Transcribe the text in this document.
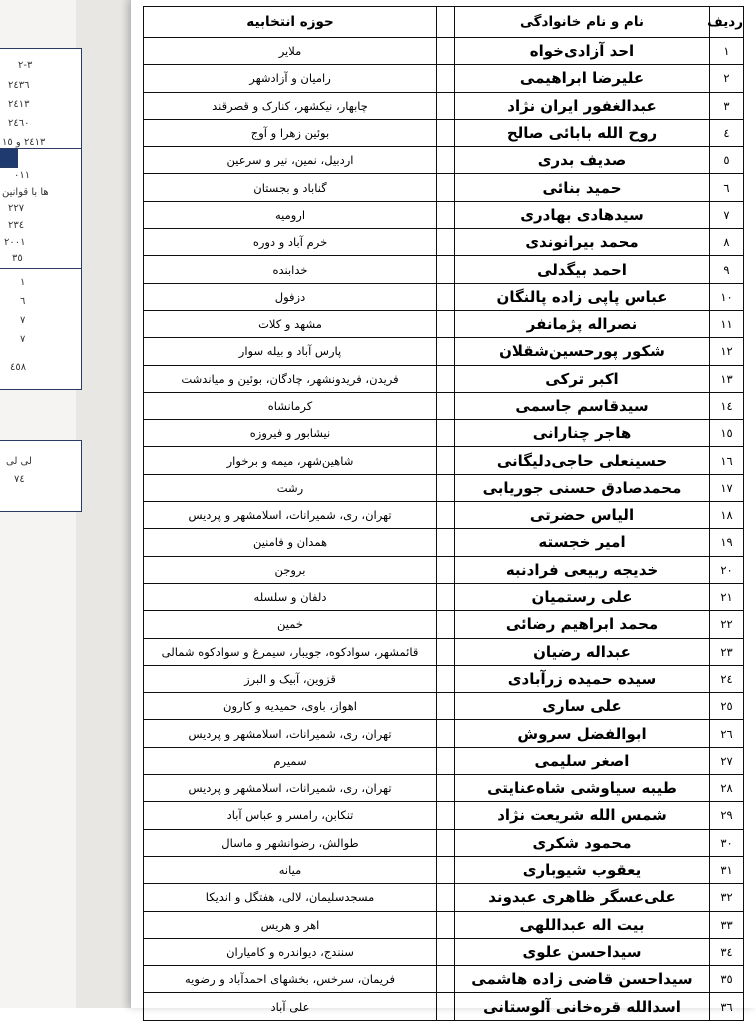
٣-٢
٢٤٣٦
٢٤١٣
٢٤٦٠
٢٤١٣ و ١٥
٠١١
ها با قوانین
٢٢٧
٢٣٤
٢٠٠١
٣٥
١
٦
٧
٧
٤٥٨
لی لی
٧٤
ردیف	نام و نام خانوادگی		حوزه انتخابیه
١	احد آزادی‌خواه		ملایر
٢	علیرضا ابراهیمی		رامیان و آزادشهر
٣	عبدالغفور ایران نژاد		چابهار، نیکشهر، کنارک و قصرقند
٤	روح الله بابائی صالح		بوئین زهرا و آوج
٥	صدیف بدری		اردبیل، نمین، نیر و سرعین
٦	حمید بنائی		گناباد و بجستان
٧	سیدهادی بهادری		ارومیه
٨	محمد بیرانوندی		خرم آباد و دوره
٩	احمد بیگدلی		خدابنده
١٠	عباس پاپی زاده پالنگان		دزفول
١١	نصراله پژمانفر		مشهد و کلات
١٢	شکور پورحسین‌شقلان		پارس آباد و بیله سوار
١٣	اکبر ترکی		فریدن، فریدونشهر، چادگان، بوئین و میاندشت
١٤	سیدقاسم جاسمی		کرمانشاه
١٥	هاجر چنارانی		نیشابور و فیروزه
١٦	حسینعلی حاجی‌دلیگانی		شاهین‌شهر، میمه و برخوار
١٧	محمدصادق حسنی جوریابی		رشت
١٨	الیاس حضرتی		تهران، ری، شمیرانات، اسلامشهر و پردیس
١٩	امیر خجسته		همدان و فامنین
٢٠	خدیجه ربیعی فرادنبه		بروجن
٢١	علی رستمیان		دلفان و سلسله
٢٢	محمد ابراهیم رضائی		خمین
٢٣	عبداله رضیان		قائمشهر، سوادکوه، جویبار، سیمرغ و سوادکوه شمالی
٢٤	سیده حمیده زرآبادی		قزوین، آبیک و البرز
٢٥	علی ساری		اهواز، باوی، حمیدیه و کارون
٢٦	ابوالفضل سروش		تهران، ری، شمیرانات، اسلامشهر و پردیس
٢٧	اصغر سلیمی		سمیرم
٢٨	طیبه سیاوشی شاه‌عنایتی		تهران، ری، شمیرانات، اسلامشهر و پردیس
٢٩	شمس الله شریعت نژاد		تنکابن، رامسر و عباس آباد
٣٠	محمود شکری		طوالش، رضوانشهر و ماسال
٣١	یعقوب شیوباری		میانه
٣٢	علی‌عسگر ظاهری عبدوند		مسجدسلیمان، لالی، هفتگل و اندیکا
٣٣	بیت اله عبداللهی		اهر و هریس
٣٤	سیداحسن علوی		سنندج، دیواندره و کامیاران
٣٥	سیداحسن قاضی زاده هاشمی		فریمان، سرخس، بخشهای احمدآباد و رضویه
٣٦	اسدالله قره‌خانی آلوستانی		علی آباد
